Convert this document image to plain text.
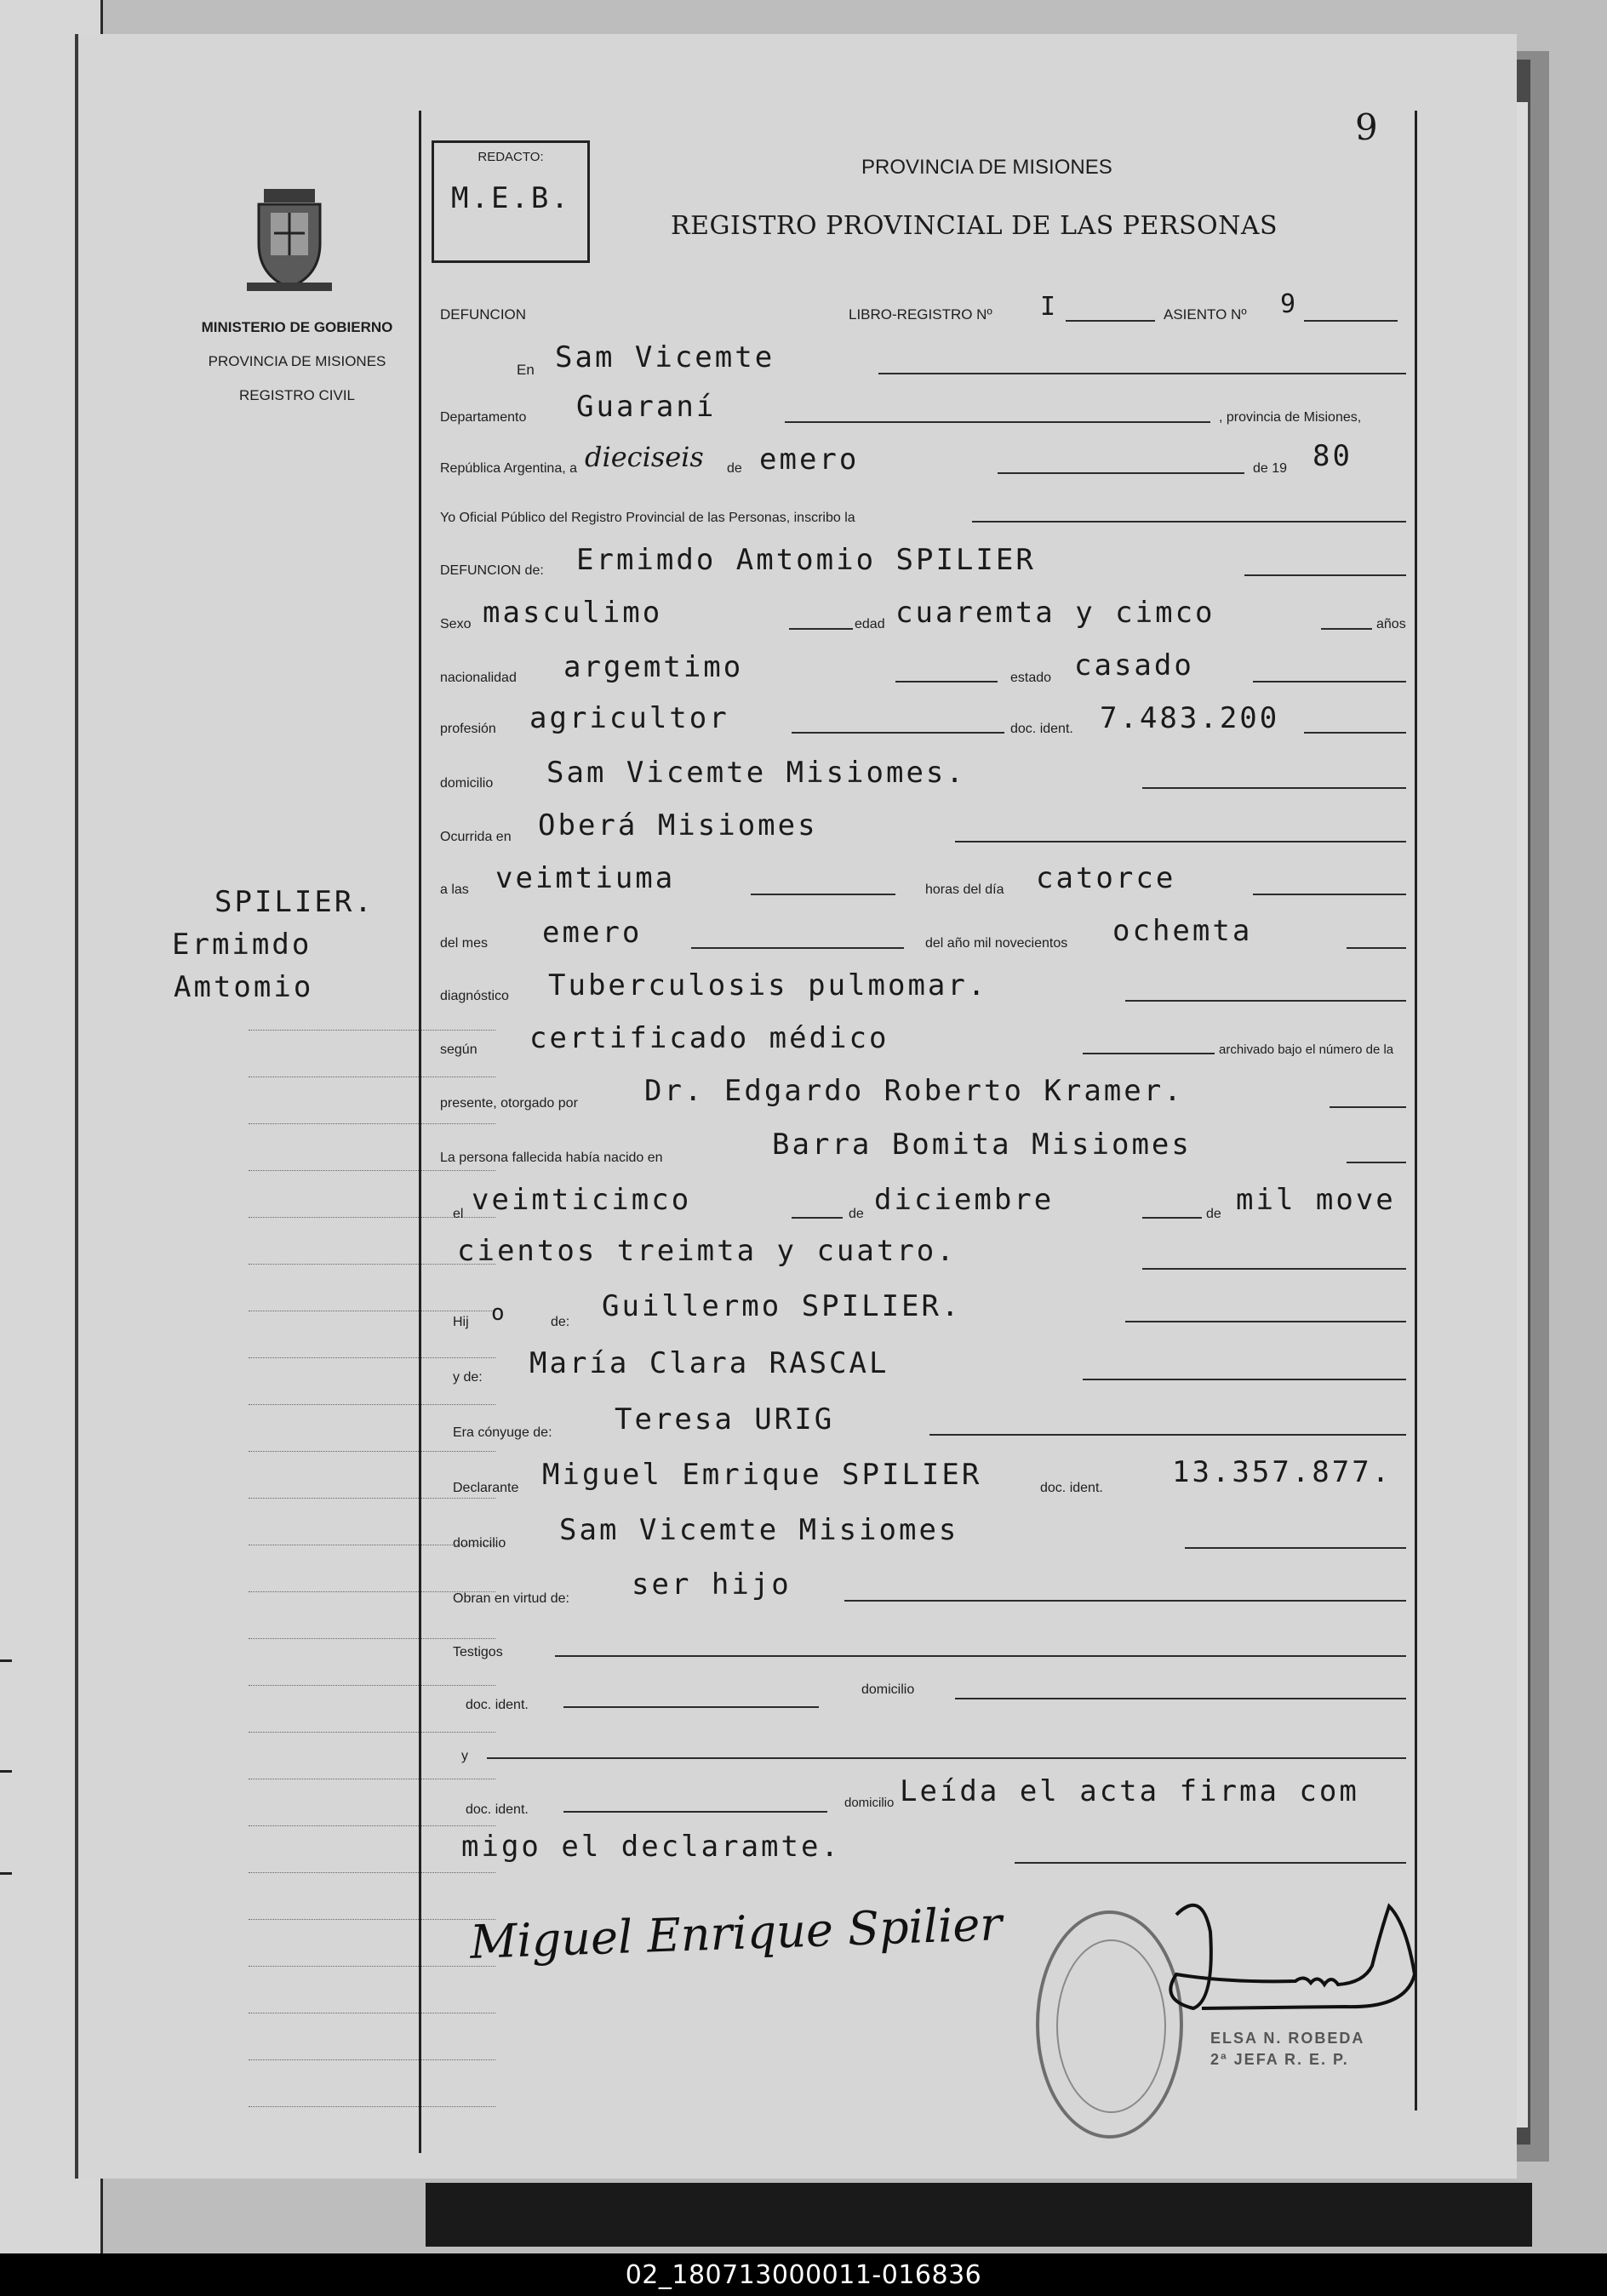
MINISTERIO DE GOBIERNO
PROVINCIA DE MISIONES
REGISTRO CIVIL
SPILIER.
Ermimdo
Amtomio
REDACTO:
M.E.B.
9
PROVINCIA DE MISIONES
REGISTRO PROVINCIAL DE LAS PERSONAS
DEFUNCION	LIBRO-REGISTRO Nº I	ASIENTO Nº 9
En Sam Vicemte
Departamento Guaraní	, provincia de Misiones,
República Argentina, a dieciseis de emero	de 19 80
Yo Oficial Público del Registro Provincial de las Personas, inscribo la
DEFUNCION de: Ermimdo Amtomio SPILIER
Sexo masculimo	edad cuaremta y cimco	años
nacionalidad argemtimo	estado casado
profesión agricultor	doc. ident. 7.483.200
domicilio Sam Vicemte Misiomes.
Ocurrida en Oberá Misiomes
a las veimtiuma	horas del día catorce
del mes emero	del año mil novecientos ochemta
diagnóstico Tuberculosis pulmomar.
según certificado médico	archivado bajo el número de la
presente, otorgado por Dr. Edgardo Roberto Kramer.
La persona fallecida había nacido en	Barra Bomita Misiomes
el veimticimco	de diciembre	de mil move
cientos treimta y cuatro.
Hij o	de: Guillermo SPILIER.
y de: María Clara RASCAL
Era cónyuge de: Teresa URIG
Declarante Miguel Emrique SPILIER	doc. ident. 13.357.877.
domicilio Sam Vicemte Misiomes
Obran en virtud de: ser hijo
Testigos
doc. ident.
domicilio
y
doc. ident.	domicilio Leída el acta firma com
migo el declaramte.
Miguel Enrique Spilier
ELSA N. ROBEDA
2ª JEFA R. E. P.
02_180713000011-016836
